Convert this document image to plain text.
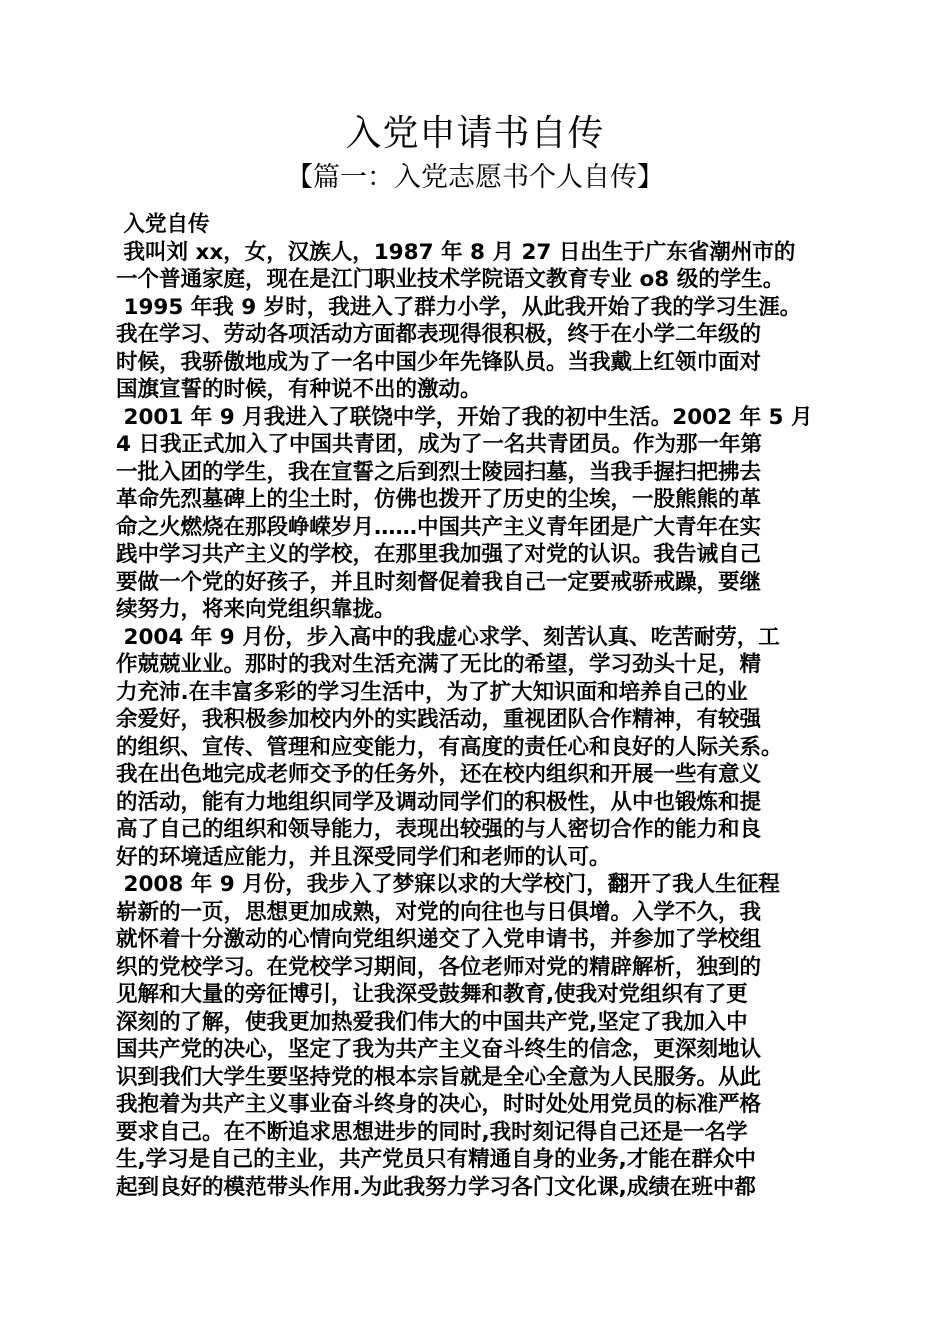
入党申请书自传
【篇一：入党志愿书个人自传】
入党自传
我叫刘 xx，女，汉族人，1987 年 8 月 27 日出生于广东省潮州市的
一个普通家庭，现在是江门职业技术学院语文教育专业 o8 级的学生。
1995 年我 9 岁时，我进入了群力小学，从此我开始了我的学习生涯。
我在学习、劳动各项活动方面都表现得很积极，终于在小学二年级的
时候，我骄傲地成为了一名中国少年先锋队员。当我戴上红领巾面对
国旗宣誓的时候，有种说不出的激动。
2001 年 9 月我进入了联饶中学，开始了我的初中生活。2002 年 5 月
4 日我正式加入了中国共青团，成为了一名共青团员。作为那一年第
一批入团的学生，我在宣誓之后到烈士陵园扫墓，当我手握扫把拂去
革命先烈墓碑上的尘土时，仿佛也拨开了历史的尘埃，一股熊熊的革
命之火燃烧在那段峥嵘岁月……中国共产主义青年团是广大青年在实
践中学习共产主义的学校，在那里我加强了对党的认识。我告诫自己
要做一个党的好孩子，并且时刻督促着我自己一定要戒骄戒躁，要继
续努力，将来向党组织靠拢。
2004 年 9 月份，步入高中的我虚心求学、刻苦认真、吃苦耐劳，工
作兢兢业业。那时的我对生活充满了无比的希望，学习劲头十足，精
力充沛.在丰富多彩的学习生活中，为了扩大知识面和培养自己的业
余爱好，我积极参加校内外的实践活动，重视团队合作精神，有较强
的组织、宣传、管理和应变能力，有高度的责任心和良好的人际关系。
我在出色地完成老师交予的任务外，还在校内组织和开展一些有意义
的活动，能有力地组织同学及调动同学们的积极性，从中也锻炼和提
高了自己的组织和领导能力，表现出较强的与人密切合作的能力和良
好的环境适应能力，并且深受同学们和老师的认可。
2008 年 9 月份，我步入了梦寐以求的大学校门，翻开了我人生征程
崭新的一页，思想更加成熟，对党的向往也与日俱增。入学不久，我
就怀着十分激动的心情向党组织递交了入党申请书，并参加了学校组
织的党校学习。在党校学习期间，各位老师对党的精辟解析，独到的
见解和大量的旁征博引，让我深受鼓舞和教育,使我对党组织有了更
深刻的了解，使我更加热爱我们伟大的中国共产党,坚定了我加入中
国共产党的决心，坚定了我为共产主义奋斗终生的信念，更深刻地认
识到我们大学生要坚持党的根本宗旨就是全心全意为人民服务。从此
我抱着为共产主义事业奋斗终身的决心，时时处处用党员的标准严格
要求自己。在不断追求思想进步的同时,我时刻记得自己还是一名学
生,学习是自己的主业，共产党员只有精通自身的业务,才能在群众中
起到良好的模范带头作用.为此我努力学习各门文化课,成绩在班中都
